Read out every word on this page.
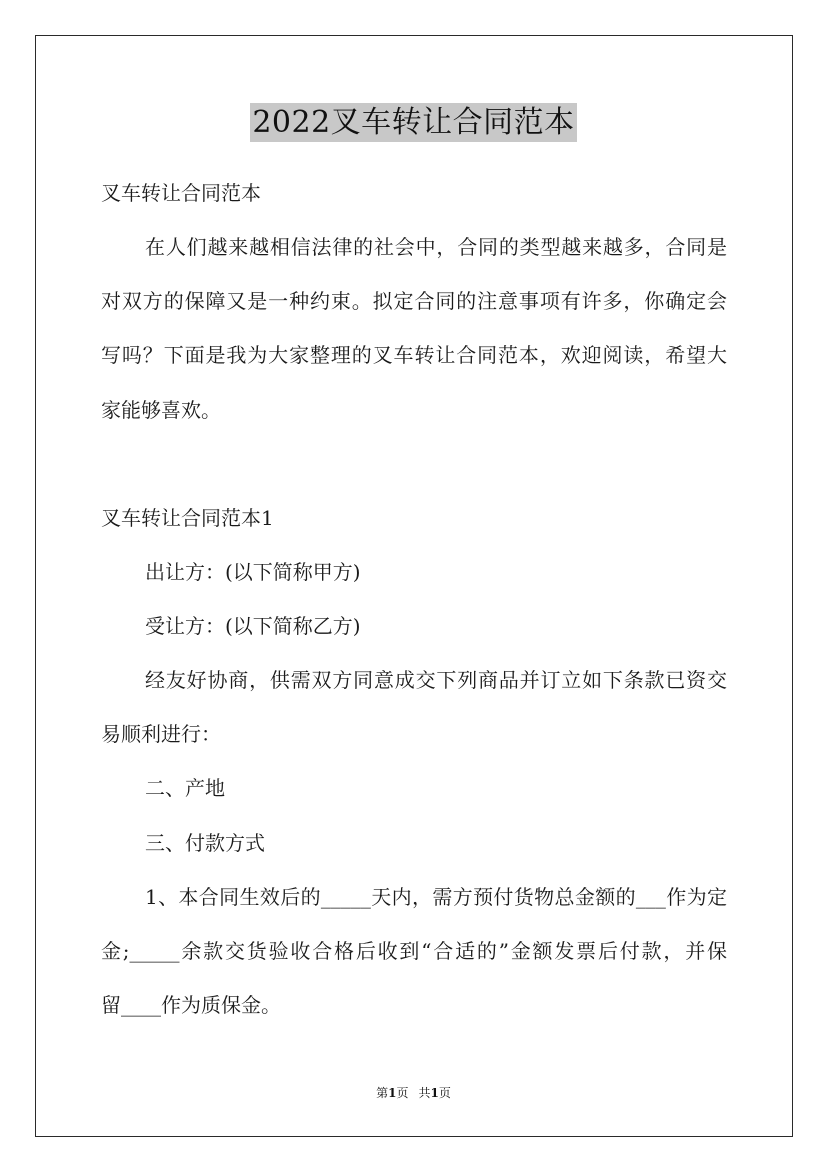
2022叉车转让合同范本
叉车转让合同范本
在人们越来越相信法律的社会中，合同的类型越来越多，合同是
对双方的保障又是一种约束。拟定合同的注意事项有许多，你确定会
写吗？下面是我为大家整理的叉车转让合同范本，欢迎阅读，希望大
家能够喜欢。
叉车转让合同范本1
出让方：(以下简称甲方)
受让方：(以下简称乙方)
经友好协商，供需双方同意成交下列商品并订立如下条款已资交
易顺利进行：
二、产地
三、付款方式
1、本合同生效后的_____天内，需方预付货物总金额的___作为定
金;_____余款交货验收合格后收到“合适的”金额发票后付款，并保
留____作为质保金。
第1页 共1页
